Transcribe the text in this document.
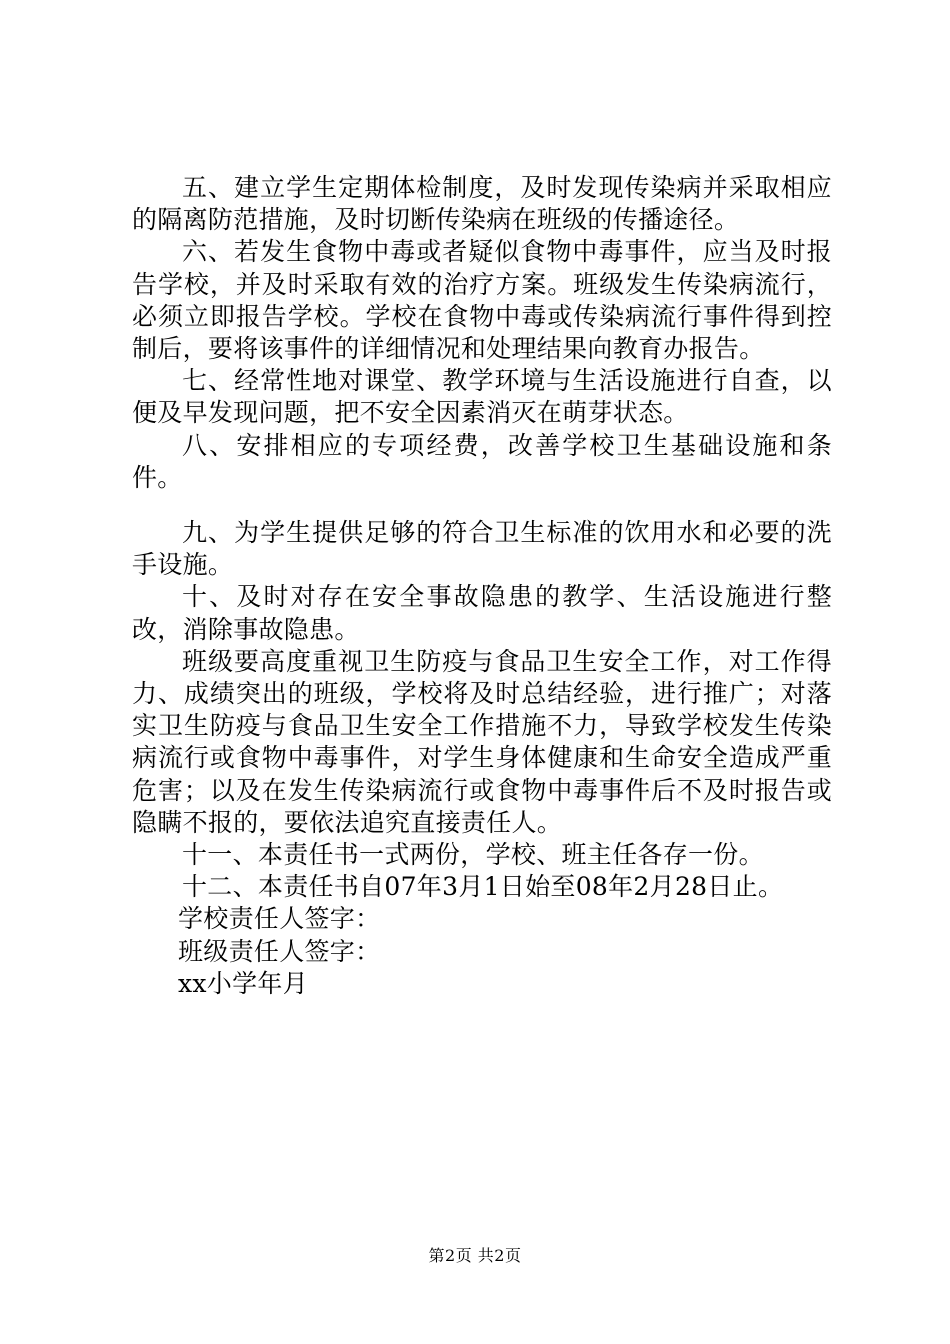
五、建立学生定期体检制度，及时发现传染病并采取相应的隔离防范措施，及时切断传染病在班级的传播途径。

六、若发生食物中毒或者疑似食物中毒事件，应当及时报告学校，并及时采取有效的治疗方案。班级发生传染病流行，必须立即报告学校。学校在食物中毒或传染病流行事件得到控制后，要将该事件的详细情况和处理结果向教育办报告。

七、经常性地对课堂、教学环境与生活设施进行自查，以便及早发现问题，把不安全因素消灭在萌芽状态。

八、安排相应的专项经费，改善学校卫生基础设施和条件。

九、为学生提供足够的符合卫生标准的饮用水和必要的洗手设施。

十、及时对存在安全事故隐患的教学、生活设施进行整改，消除事故隐患。

班级要高度重视卫生防疫与食品卫生安全工作，对工作得力、成绩突出的班级，学校将及时总结经验，进行推广；对落实卫生防疫与食品卫生安全工作措施不力，导致学校发生传染病流行或食物中毒事件，对学生身体健康和生命安全造成严重危害；以及在发生传染病流行或食物中毒事件后不及时报告或隐瞒不报的，要依法追究直接责任人。

十一、本责任书一式两份，学校、班主任各存一份。

十二、本责任书自07年3月1日始至08年2月28日止。

学校责任人签字：

班级责任人签字：

xx小学年月

第2页 共2页
